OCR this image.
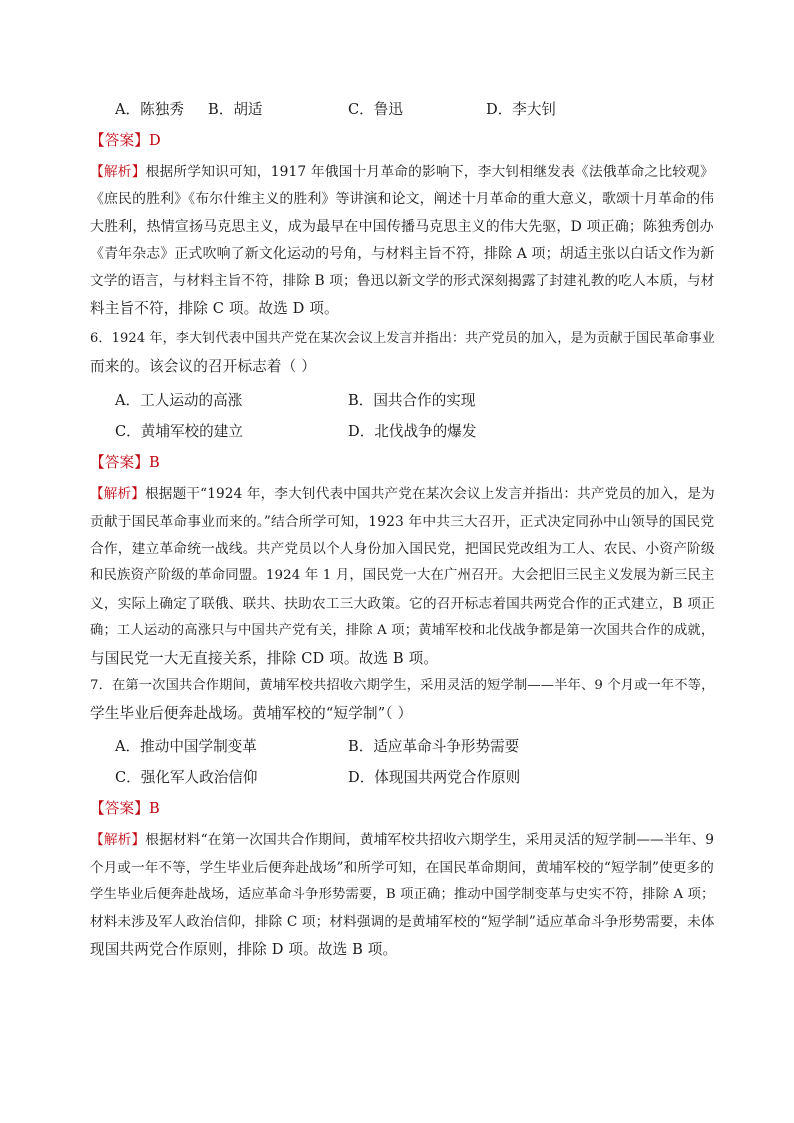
A．陈独秀 B．胡适	C．鲁迅	D．李大钊
【答案】D
【解析】根据所学知识可知，1917 年俄国十月革命的影响下，李大钊相继发表《法俄革命之比较观》
《庶民的胜利》《布尔什维主义的胜利》等讲演和论文，阐述十月革命的重大意义，歌颂十月革命的伟
大胜利，热情宣扬马克思主义，成为最早在中国传播马克思主义的伟大先驱，D 项正确；陈独秀创办
《青年杂志》正式吹响了新文化运动的号角，与材料主旨不符，排除 A 项；胡适主张以白话文作为新
文学的语言，与材料主旨不符，排除 B 项；鲁迅以新文学的形式深刻揭露了封建礼教的吃人本质，与材
料主旨不符，排除 C 项。故选 D 项。
6．1924 年，李大钊代表中国共产党在某次会议上发言并指出：共产党员的加入，是为贡献于国民革命事业
而来的。该会议的召开标志着（ ）
A．工人运动的高涨	B．国共合作的实现
C．黄埔军校的建立	D．北伐战争的爆发
【答案】B
【解析】根据题干“1924 年，李大钊代表中国共产党在某次会议上发言并指出：共产党员的加入，是为
贡献于国民革命事业而来的。”结合所学可知，1923 年中共三大召开，正式决定同孙中山领导的国民党
合作，建立革命统一战线。共产党员以个人身份加入国民党，把国民党改组为工人、农民、小资产阶级
和民族资产阶级的革命同盟。1924 年 1 月，国民党一大在广州召开。大会把旧三民主义发展为新三民主
义，实际上确定了联俄、联共、扶助农工三大政策。它的召开标志着国共两党合作的正式建立，B 项正
确；工人运动的高涨只与中国共产党有关，排除 A 项；黄埔军校和北伐战争都是第一次国共合作的成就，
与国民党一大无直接关系，排除 CD 项。故选 B 项。
7．在第一次国共合作期间，黄埔军校共招收六期学生，采用灵活的短学制——半年、9 个月或一年不等，
学生毕业后便奔赴战场。黄埔军校的“短学制”（ ）
A．推动中国学制变革	B．适应革命斗争形势需要
C．强化军人政治信仰	D．体现国共两党合作原则
【答案】B
【解析】根据材料“在第一次国共合作期间，黄埔军校共招收六期学生，采用灵活的短学制——半年、9
个月或一年不等，学生毕业后便奔赴战场”和所学可知，在国民革命期间，黄埔军校的“短学制”使更多的
学生毕业后便奔赴战场，适应革命斗争形势需要，B 项正确；推动中国学制变革与史实不符，排除 A 项；
材料未涉及军人政治信仰，排除 C 项；材料强调的是黄埔军校的“短学制”适应革命斗争形势需要，未体
现国共两党合作原则，排除 D 项。故选 B 项。
